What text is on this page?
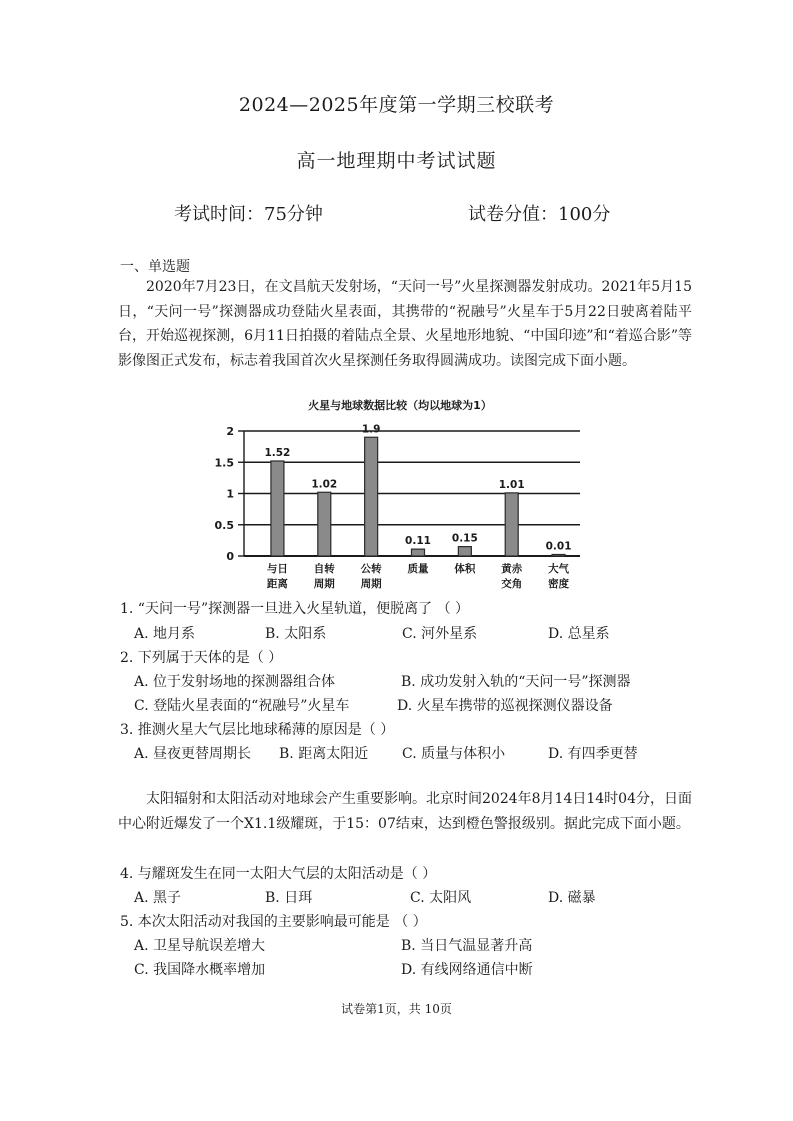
2024—2025年度第一学期三校联考
高一地理期中考试试题
考试时间：75分钟	试卷分值：100分
一、单选题
2020年7月23日，在文昌航天发射场，“天问一号”火星探测器发射成功。2021年5月15日，“天问一号”探测器成功登陆火星表面，其携带的“祝融号”火星车于5月22日驶离着陆平台，开始巡视探测，6月11日拍摄的着陆点全景、火星地形地貌、“中国印迹”和“着巡合影”等影像图正式发布，标志着我国首次火星探测任务取得圆满成功。读图完成下面小题。
火星与地球数据比较（均以地球为1）
2
1.5
1
0.5
0
1.52
与日
距离
1.02
自转
周期
1.9
公转
周期
0.11
质量
0.15
体积
1.01
黄赤
交角
0.01
大气
密度
1. “天问一号”探测器一旦进入火星轨道，便脱离了 （ ）
A. 地月系	B. 太阳系	C. 河外星系	D. 总星系
2. 下列属于天体的是（ ）
A. 位于发射场地的探测器组合体	B. 成功发射入轨的“天问一号”探测器
C. 登陆火星表面的“祝融号”火星车	D. 火星车携带的巡视探测仪器设备
3. 推测火星大气层比地球稀薄的原因是（ ）
A. 昼夜更替周期长 B. 距离太阳近 C. 质量与体积小	D. 有四季更替
太阳辐射和太阳活动对地球会产生重要影响。北京时间2024年8月14日14时04分，日面中心附近爆发了一个X1.1级耀斑，于15：07结束，达到橙色警报级别。据此完成下面小题。
4. 与耀斑发生在同一太阳大气层的太阳活动是（ ）
A. 黑子	B. 日珥	C. 太阳风	D. 磁暴
5. 本次太阳活动对我国的主要影响最可能是 （ ）
A. 卫星导航误差增大	B. 当日气温显著升高
C. 我国降水概率增加	D. 有线网络通信中断
试卷第1页，共 10页
